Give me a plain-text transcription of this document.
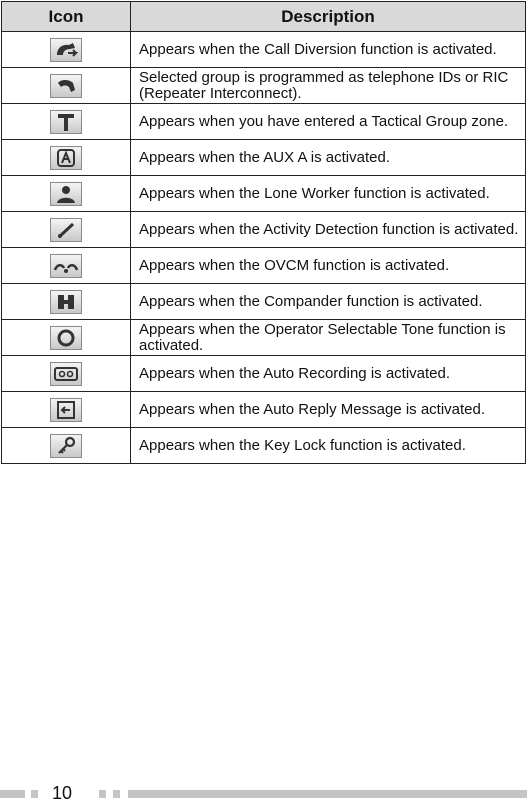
Icon	Description

	Appears when the Call Diversion function is activated.

	Selected group is programmed as telephone IDs or RIC (Repeater Interconnect).

	Appears when you have entered a Tactical Group zone.

	Appears when the AUX A is activated.

	Appears when the Lone Worker function is activated.

	Appears when the Activity Detection function is activated.

	Appears when the OVCM function is activated.

	Appears when the Compander function is activated.

	Appears when the Operator Selectable Tone function is activated.

	Appears when the Auto Recording is activated.

	Appears when the Auto Reply Message is activated.

	Appears when the Key Lock function is activated.
10
